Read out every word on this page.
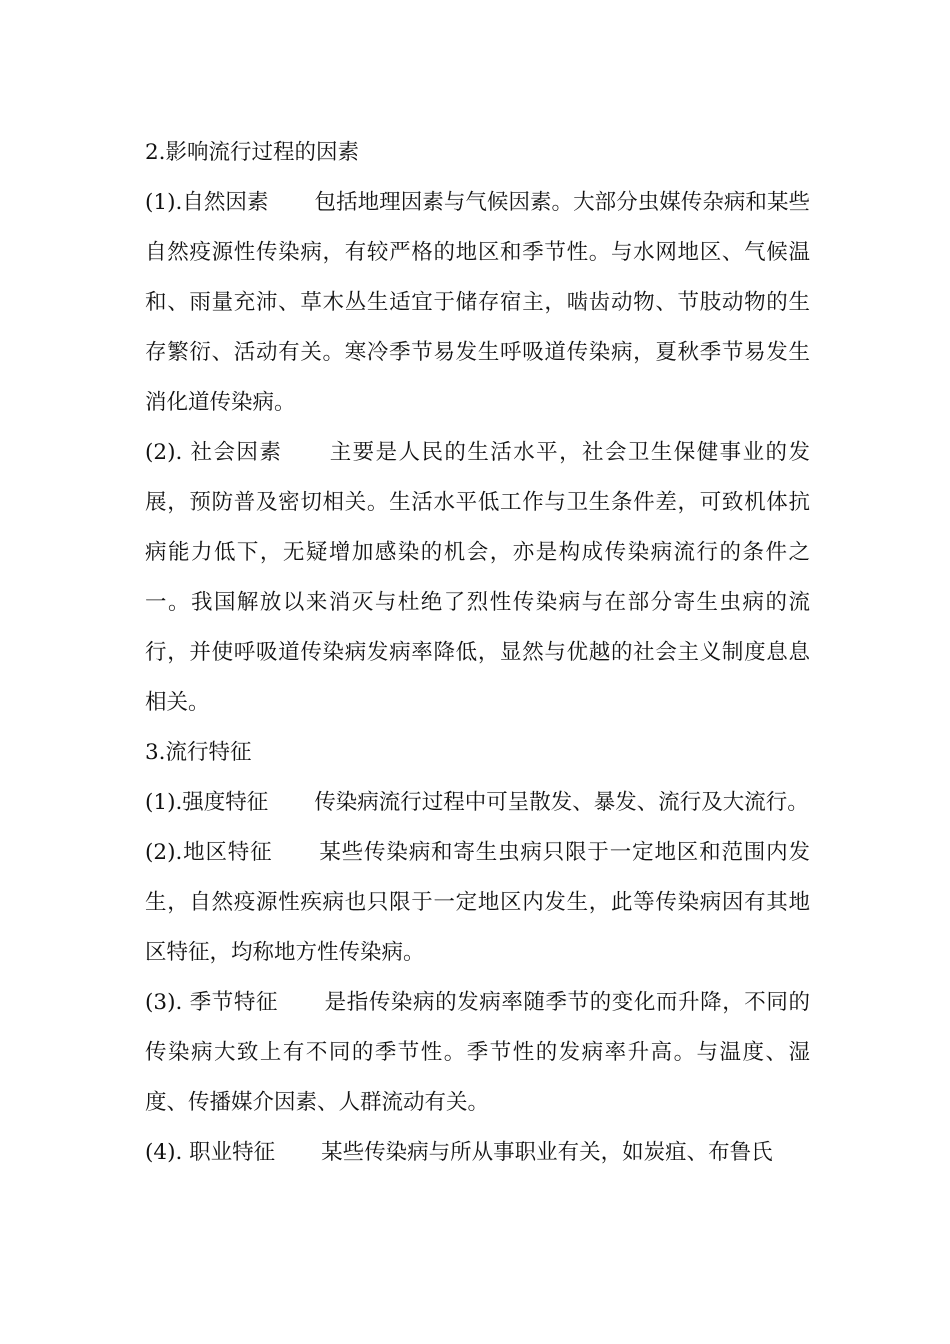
2.影响流行过程的因素

(1).自然因素 包括地理因素与气候因素。大部分虫媒传杂病和某些自然疫源性传染病，有较严格的地区和季节性。与水网地区、气候温和、雨量充沛、草木丛生适宜于储存宿主，啮齿动物、节肢动物的生存繁衍、活动有关。寒冷季节易发生呼吸道传染病，夏秋季节易发生消化道传染病。

(2). 社会因素 主要是人民的生活水平，社会卫生保健事业的发展，预防普及密切相关。生活水平低工作与卫生条件差，可致机体抗病能力低下，无疑增加感染的机会，亦是构成传染病流行的条件之一。我国解放以来消灭与杜绝了烈性传染病与在部分寄生虫病的流行，并使呼吸道传染病发病率降低，显然与优越的社会主义制度息息相关。

3.流行特征

(1).强度特征 传染病流行过程中可呈散发、暴发、流行及大流行。

(2).地区特征 某些传染病和寄生虫病只限于一定地区和范围内发生，自然疫源性疾病也只限于一定地区内发生，此等传染病因有其地区特征，均称地方性传染病。

(3). 季节特征 是指传染病的发病率随季节的变化而升降，不同的传染病大致上有不同的季节性。季节性的发病率升高。与温度、湿度、传播媒介因素、人群流动有关。

(4). 职业特征 某些传染病与所从事职业有关，如炭疽、布鲁氏
